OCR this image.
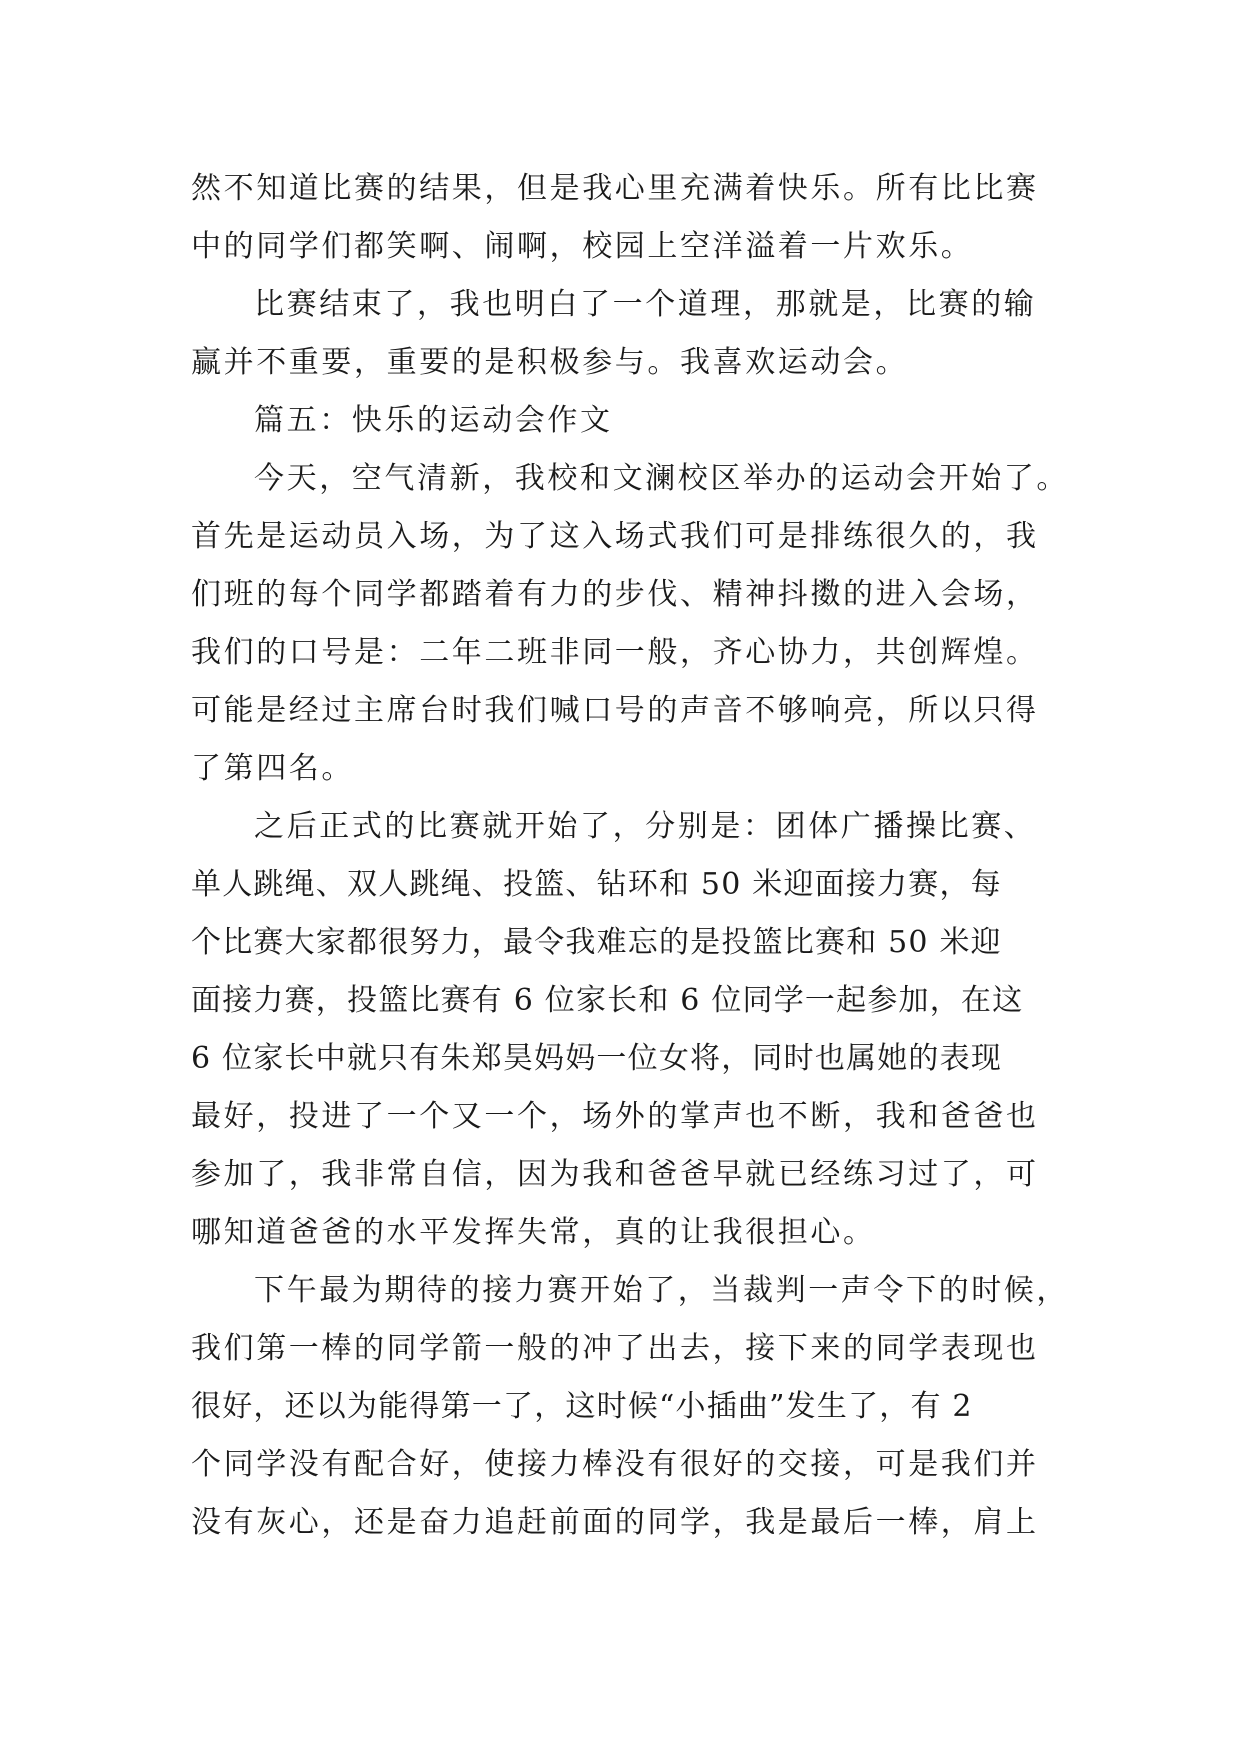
然不知道比赛的结果，但是我心里充满着快乐。所有比比赛
中的同学们都笑啊、闹啊，校园上空洋溢着一片欢乐。
比赛结束了，我也明白了一个道理，那就是，比赛的输
赢并不重要，重要的是积极参与。我喜欢运动会。
篇五：快乐的运动会作文
今天，空气清新，我校和文澜校区举办的运动会开始了。
首先是运动员入场，为了这入场式我们可是排练很久的，我
们班的每个同学都踏着有力的步伐、精神抖擞的进入会场，
我们的口号是：二年二班非同一般，齐心协力，共创辉煌。
可能是经过主席台时我们喊口号的声音不够响亮，所以只得
了第四名。
之后正式的比赛就开始了，分别是：团体广播操比赛、
单人跳绳、双人跳绳、投篮、钻环和 50 米迎面接力赛，每
个比赛大家都很努力，最令我难忘的是投篮比赛和 50 米迎
面接力赛，投篮比赛有 6 位家长和 6 位同学一起参加，在这
6 位家长中就只有朱郑昊妈妈一位女将，同时也属她的表现
最好，投进了一个又一个，场外的掌声也不断，我和爸爸也
参加了，我非常自信，因为我和爸爸早就已经练习过了，可
哪知道爸爸的水平发挥失常，真的让我很担心。
下午最为期待的接力赛开始了，当裁判一声令下的时候，
我们第一棒的同学箭一般的冲了出去，接下来的同学表现也
很好，还以为能得第一了，这时候“小插曲”发生了，有 2
个同学没有配合好，使接力棒没有很好的交接，可是我们并
没有灰心，还是奋力追赶前面的同学，我是最后一棒，肩上
